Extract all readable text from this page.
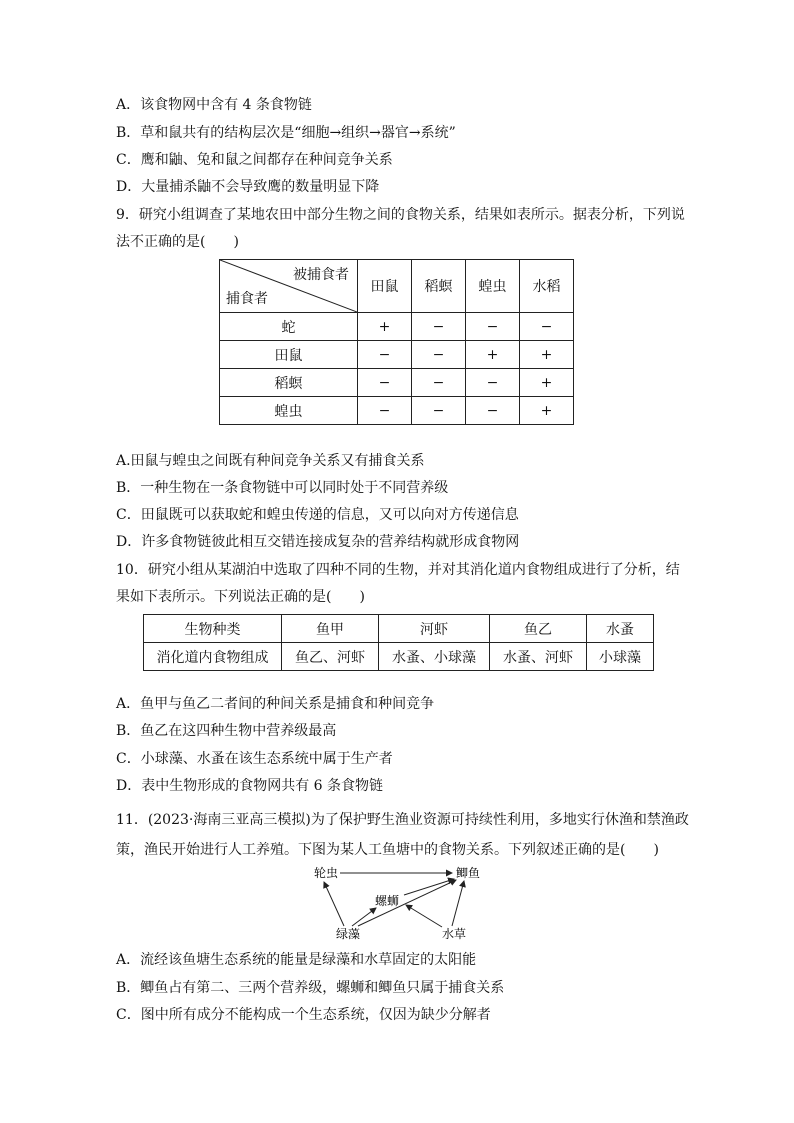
A．该食物网中含有 4 条食物链
B．草和鼠共有的结构层次是“细胞→组织→器官→系统”
C．鹰和鼬、兔和鼠之间都存在种间竞争关系
D．大量捕杀鼬不会导致鹰的数量明显下降
9．研究小组调查了某地农田中部分生物之间的食物关系，结果如表所示。据表分析，下列说
法不正确的是(　　)
被捕食者
捕食者	田鼠	稻螟	蝗虫	水稻
蛇	+	−	−	−
田鼠	−	−	+	+
稻螟	−	−	−	+
蝗虫	−	−	−	+
A.田鼠与蝗虫之间既有种间竞争关系又有捕食关系
B．一种生物在一条食物链中可以同时处于不同营养级
C．田鼠既可以获取蛇和蝗虫传递的信息，又可以向对方传递信息
D．许多食物链彼此相互交错连接成复杂的营养结构就形成食物网
10．研究小组从某湖泊中选取了四种不同的生物，并对其消化道内食物组成进行了分析，结
果如下表所示。下列说法正确的是(　　)
生物种类	鱼甲	河虾	鱼乙	水蚤
消化道内食物组成	鱼乙、河虾	水蚤、小球藻	水蚤、河虾	小球藻
A．鱼甲与鱼乙二者间的种间关系是捕食和种间竞争
B．鱼乙在这四种生物中营养级最高
C．小球藻、水蚤在该生态系统中属于生产者
D．表中生物形成的食物网共有 6 条食物链
11．(2023·海南三亚高三模拟)为了保护野生渔业资源可持续性利用，多地实行休渔和禁渔政
策，渔民开始进行人工养殖。下图为某人工鱼塘中的食物关系。下列叙述正确的是(　　)
轮虫	鲫鱼
螺蛳
绿藻	水草
A．流经该鱼塘生态系统的能量是绿藻和水草固定的太阳能
B．鲫鱼占有第二、三两个营养级，螺蛳和鲫鱼只属于捕食关系
C．图中所有成分不能构成一个生态系统，仅因为缺少分解者
